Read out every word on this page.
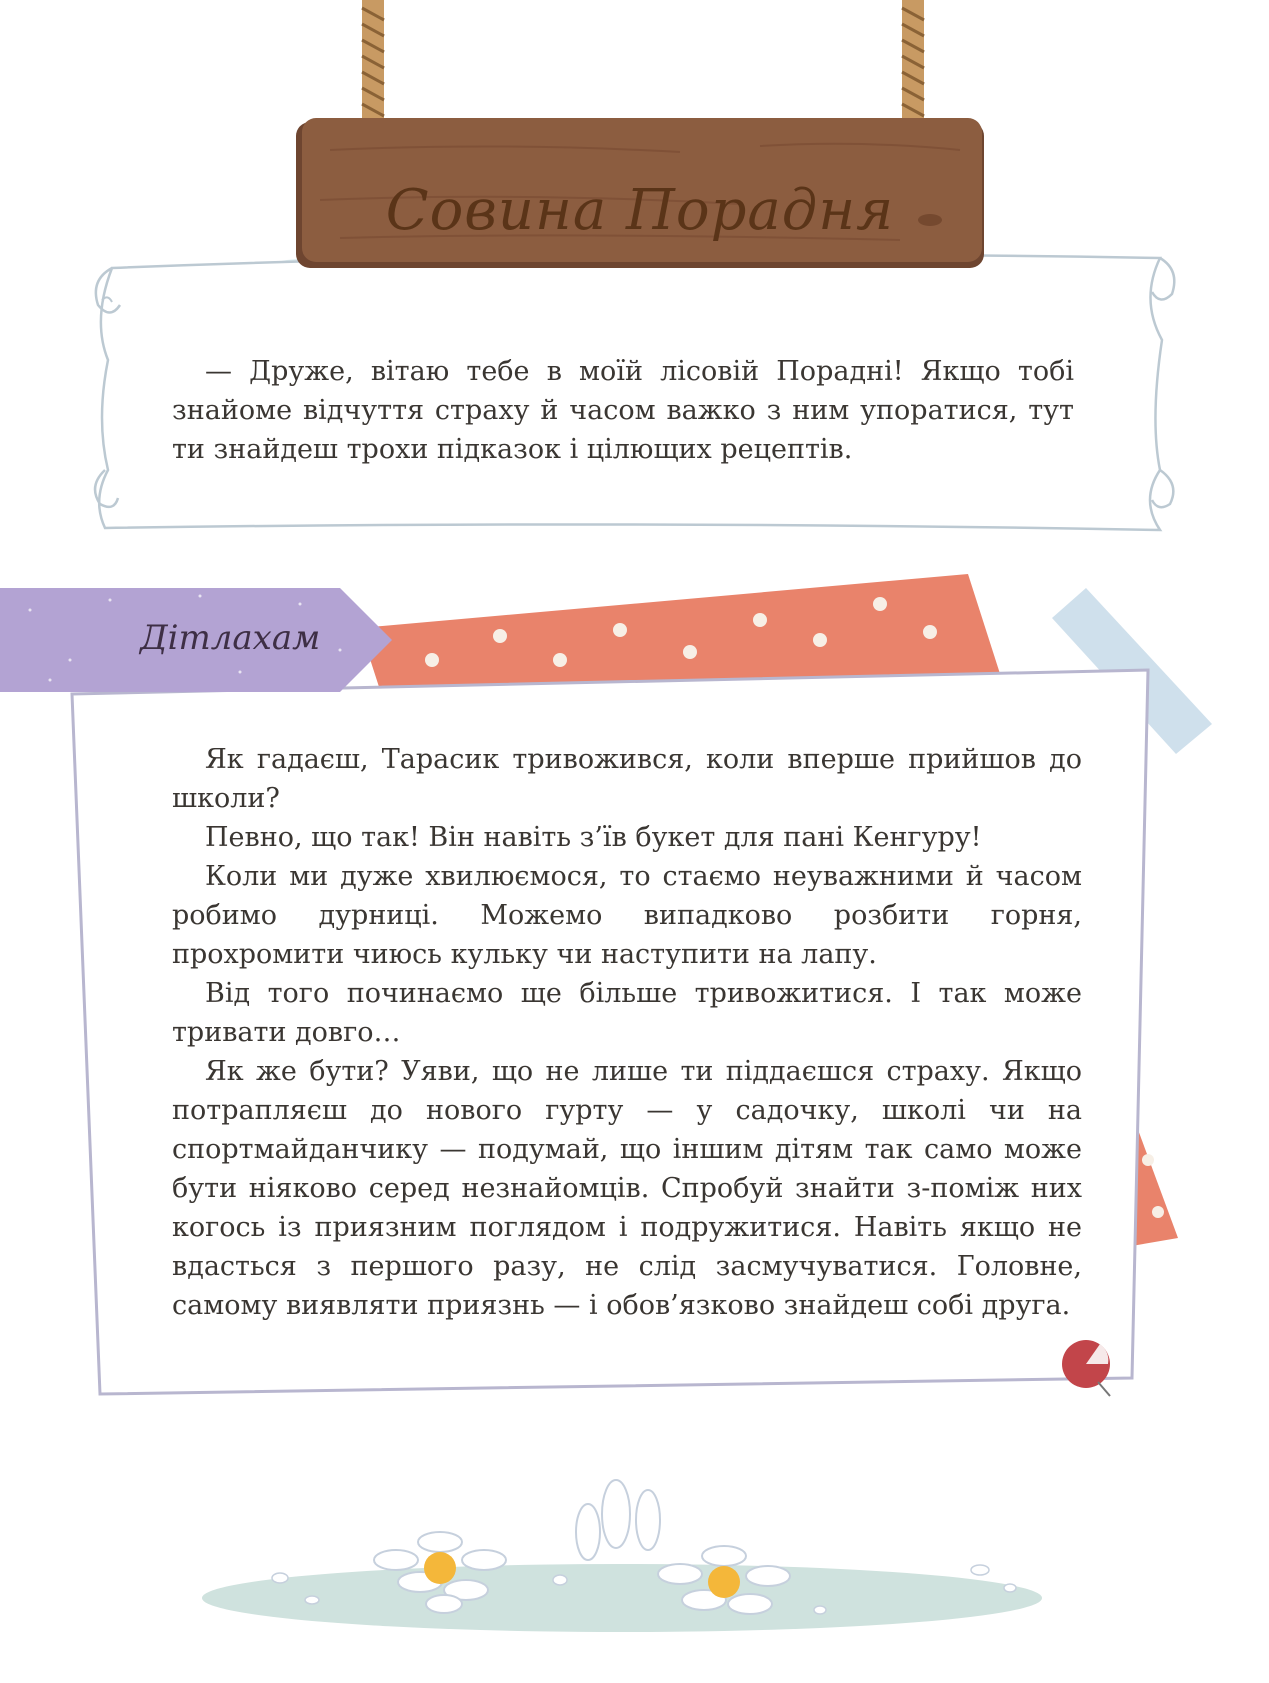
Совина Порадня

— Друже, вітаю тебе в моїй лісовій Порадні! Якщо тобі знайоме відчуття страху й часом важко з ним упоратися, тут ти знайдеш трохи підказок і цілющих рецептів.

Дітлахам

Як гадаєш, Тарасик тривожився, коли вперше прийшов до школи?

Певно, що так! Він навіть з’їв букет для пані Кенгуру!

Коли ми дуже хвилюємося, то стаємо неуважними й часом робимо дурниці. Можемо випадково розбити горня, прохромити чиюсь кульку чи наступити на лапу.

Від того починаємо ще більше тривожитися. І так може тривати довго…

Як же бути? Уяви, що не лише ти піддаєшся страху. Якщо потрапляєш до нового гурту — у садочку, школі чи на спортмайданчику — подумай, що іншим дітям так само може бути ніяково серед незнайомців. Спробуй знайти з-поміж них когось із приязним поглядом і подружитися. Навіть якщо не вдасться з першого разу, не слід засмучуватися. Головне, самому виявляти приязнь — і обов’язково знайдеш собі друга.
